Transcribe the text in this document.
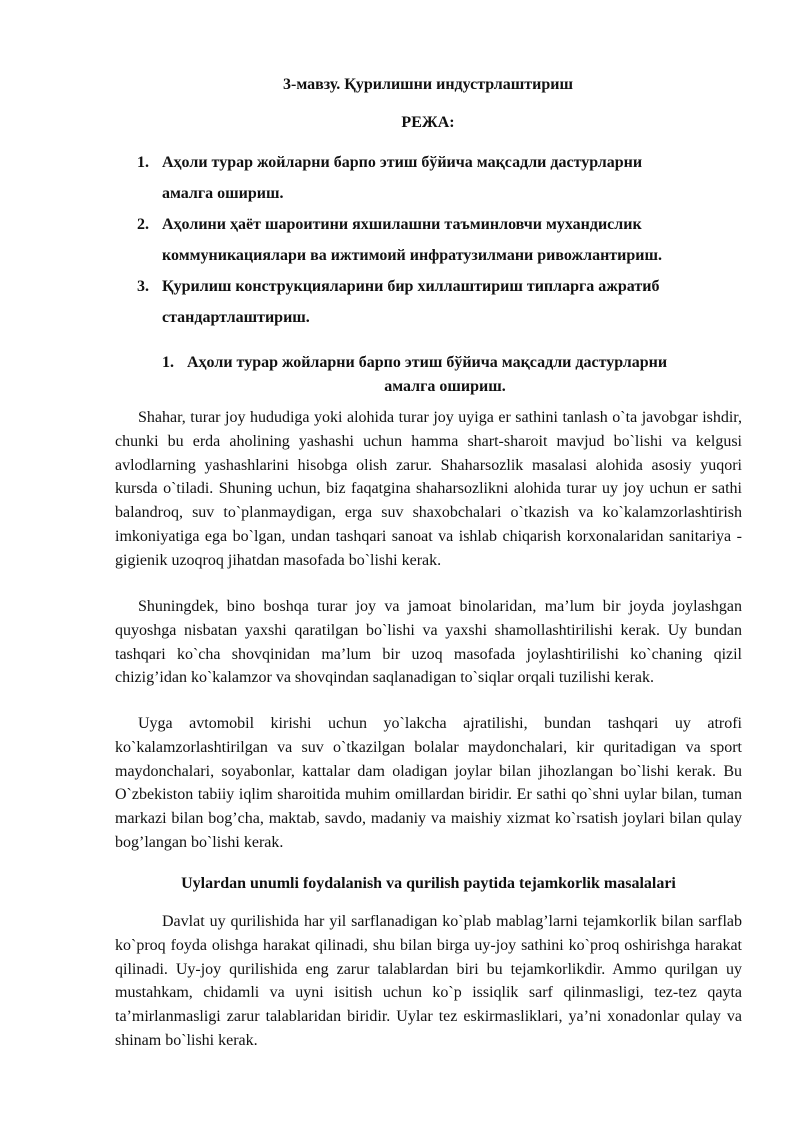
3-мавзу. Қурилишни индустрлаштириш
РЕЖА:
1. Аҳоли турар жойларни барпо этиш бўйича мақсадли дастурларни
амалга ошириш.
2. Аҳолини ҳаёт шароитини яхшилашни таъминловчи мухандислик
коммуникациялари ва ижтимоий инфратузилмани ривожлантириш.
3. Қурилиш конструкцияларини бир хиллаштириш типларга ажратиб
стандартлаштириш.
1. Аҳоли турар жойларни барпо этиш бўйича мақсадли дастурларни
амалга ошириш.

Shahar, turar joy hududiga yoki alohida turar joy uyiga er sathini tanlash o`ta javobgar ishdir, chunki bu erda aholining yashashi uchun hamma shart-sharoit mavjud bo`lishi va kelgusi avlodlarning yashashlarini hisobga olish zarur. Shaharsozlik masalasi alohida asosiy yuqori kursda o`tiladi. Shuning uchun, biz faqatgina shaharsozlikni alohida turar uy joy uchun er sathi balandroq, suv to`planmaydigan, erga suv shaxobchalari o`tkazish va ko`kalamzorlashtirish imkoniyatiga ega bo`lgan, undan tashqari sanoat va ishlab chiqarish korxonalaridan sanitariya - gigienik uzoqroq jihatdan masofada bo`lishi kerak.

Shuningdek, bino boshqa turar joy va jamoat binolaridan, ma’lum bir joyda joylashgan quyoshga nisbatan yaxshi qaratilgan bo`lishi va yaxshi shamollashtirilishi kerak. Uy bundan tashqari ko`cha shovqinidan ma’lum bir uzoq masofada joylashtirilishi ko`chaning qizil chizig’idan ko`kalamzor va shovqindan saqlanadigan to`siqlar orqali tuzilishi kerak.

Uyga avtomobil kirishi uchun yo`lakcha ajratilishi, bundan tashqari uy atrofi ko`kalamzorlashtirilgan va suv o`tkazilgan bolalar maydonchalari, kir quritadigan va sport maydonchalari, soyabonlar, kattalar dam oladigan joylar bilan jihozlangan bo`lishi kerak. Bu O`zbekiston tabiiy iqlim sharoitida muhim omillardan biridir. Er sathi qo`shni uylar bilan, tuman markazi bilan bog’cha, maktab, savdo, madaniy va maishiy xizmat ko`rsatish joylari bilan qulay bog’langan bo`lishi kerak.

Uylardan unumli foydalanish va qurilish paytida tejamkorlik masalalari

Davlat uy qurilishida har yil sarflanadigan ko`plab mablag’larni tejamkorlik bilan sarflab ko`proq foyda olishga harakat qilinadi, shu bilan birga uy-joy sathini ko`proq oshirishga harakat qilinadi. Uy-joy qurilishida eng zarur talablardan biri bu tejamkorlikdir. Ammo qurilgan uy mustahkam, chidamli va uyni isitish uchun ko`p issiqlik sarf qilinmasligi, tez-tez qayta ta’mirlanmasligi zarur talablaridan biridir. Uylar tez eskirmasliklari, ya’ni xonadonlar qulay va shinam bo`lishi kerak.
